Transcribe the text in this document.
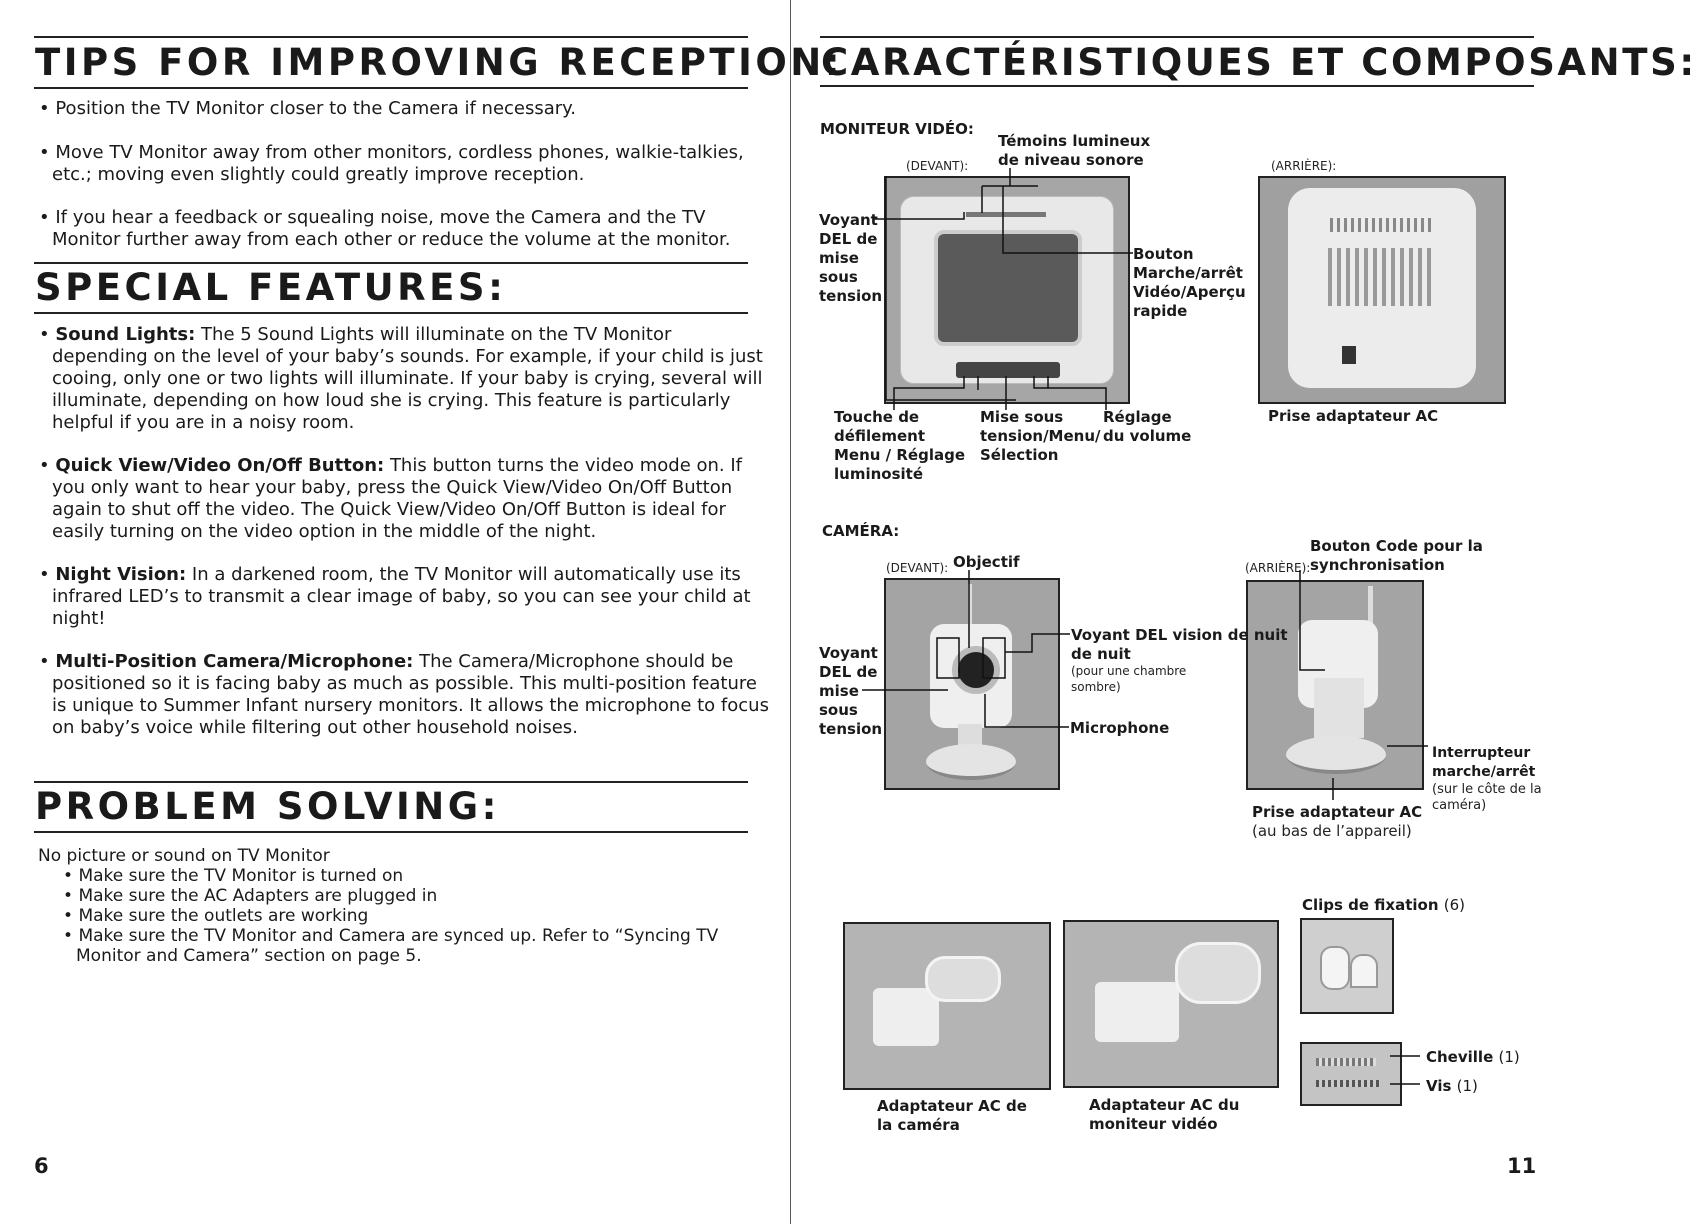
TIPS FOR IMPROVING RECEPTION:
• Position the TV Monitor closer to the Camera if necessary.
• Move TV Monitor away from other monitors, cordless phones, walkie-talkies, etc.; moving even slightly could greatly improve reception.
• If you hear a feedback or squealing noise, move the Camera and the TV Monitor further away from each other or reduce the volume at the monitor.
SPECIAL FEATURES:
• Sound Lights: The 5 Sound Lights will illuminate on the TV Monitor depending on the level of your baby’s sounds. For example, if your child is just cooing, only one or two lights will illuminate. If your baby is crying, several will illuminate, depending on how loud she is crying. This feature is particularly helpful if you are in a noisy room.
• Quick View/Video On/Off Button: This button turns the video mode on. If you only want to hear your baby, press the Quick View/Video On/Off Button again to shut off the video. The Quick View/Video On/Off Button is ideal for easily turning on the video option in the middle of the night.
• Night Vision: In a darkened room, the TV Monitor will automatically use its infrared LED’s to transmit a clear image of baby, so you can see your child at night!
• Multi-Position Camera/Microphone: The Camera/Microphone should be positioned so it is facing baby as much as possible. This multi-position feature is unique to Summer Infant nursery monitors. It allows the microphone to focus on baby’s voice while filtering out other household noises.
PROBLEM SOLVING:
No picture or sound on TV Monitor
• Make sure the TV Monitor is turned on
• Make sure the AC Adapters are plugged in
• Make sure the outlets are working
• Make sure the TV Monitor and Camera are synced up. Refer to “Syncing TV Monitor and Camera” section on page 5.
6
CARACTÉRISTIQUES ET COMPOSANTS:
MONITEUR VIDÉO:
(DEVANT):
Témoins lumineux de niveau sonore	(ARRIÈRE):
Prise adaptateur AC
Voyant DEL de mise sous tension
Bouton Marche/arrêt Vidéo/Aperçu rapide
Touche de défilement Menu / Réglage luminosité
Mise sous tension/Menu/ Sélection
Réglage du volume
CAMÉRA:
(DEVANT): Objectif	(ARRIÈRE):
Bouton Code pour la synchronisation
Voyant DEL vision de nuit
de nuit
(pour une chambre sombre)
Voyant DEL de mise sous tension	Microphone
Interrupteur marche/arrêt
(sur le côte de la caméra)
Prise adaptateur AC
(au bas de l’appareil)
Clips de fixation (6)
Adaptateur AC de la caméra
Adaptateur AC du moniteur vidéo
Cheville (1)
Vis (1)
11
